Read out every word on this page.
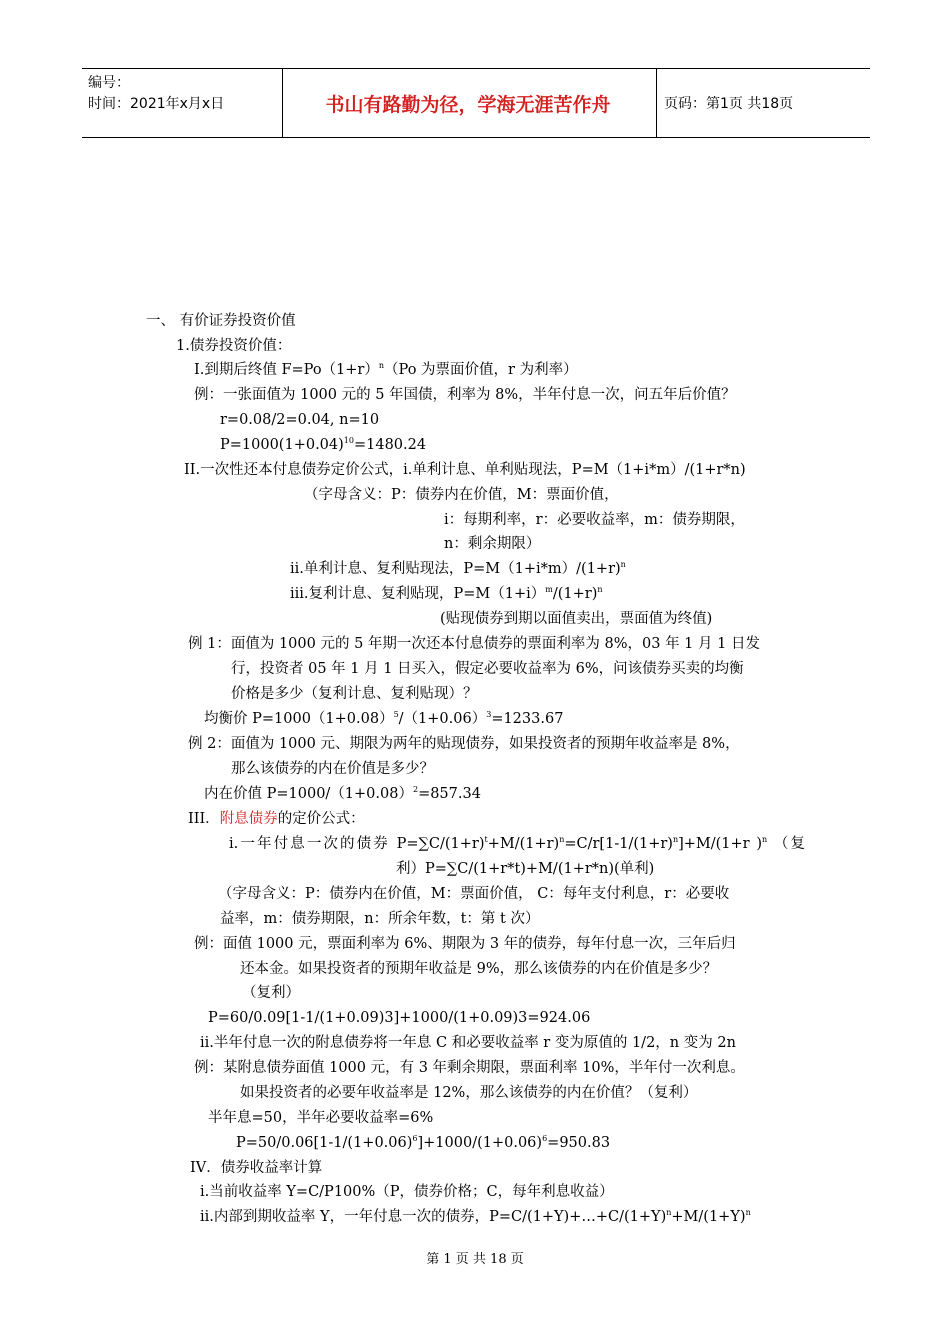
编号：
时间：2021年x月x日	书山有路勤为径，学海无涯苦作舟	页码：第1页 共18页
一、 有价证券投资价值
1.债券投资价值：
I.到期后终值 $F=Po(1+r)^n(Po$ 为票面价值，r 为利率）
例：一张面值为 1000 元的 5 年国债，利率为 8%，半年付息一次，问五年后价值？
r=0.08/2=0.04, n=10
$P=1000(1+0.04)^{10}=1480.24$
II.一次性还本付息债券定价公式，i.单利计息、单利贴现法，P=M（1+i*m）/(1+r*n)
（字母含义：P：债券内在价值，M：票面价值，
i：每期利率，r：必要收益率，m：债券期限，
n：剩余期限）
ii.单利计息、复利贴现法，$P=M(1+i*m)/(1+r)^n$
iii.复利计息、复利贴现，$P=M(1+i)^m/(1+r)^n$
(贴现债券到期以面值卖出，票面值为终值)
例 1：面值为 1000 元的 5 年期一次还本付息债券的票面利率为 8%，03 年 1 月 1 日发
行，投资者 05 年 1 月 1 日买入，假定必要收益率为 6%，问该债券买卖的均衡
价格是多少（复利计息、复利贴现）？
均衡价 $P=1000(1+0.08)^5/(1+0.06)^3=1233.67$
例 2：面值为 1000 元、期限为两年的贴现债券，如果投资者的预期年收益率是 8%，
那么该债券的内在价值是多少？
内在价值 $P=1000/(1+0.08)^2=857.34$
III．附息债券的定价公式：
i.一年付息一次的债券 $P=\sum C/(1+r)^t+M/(1+r)^n=C/r[1-1/(1+r)^n]+M/(1+r$ )$^n$ （复
利）P=∑C/(1+r*t)+M/(1+r*n)(单利)
（字母含义：P：债券内在价值，M：票面价值， C：每年支付利息，r：必要收
益率，m：债券期限，n：所余年数，t：第 t 次）
例：面值 1000 元，票面利率为 6%、期限为 3 年的债券，每年付息一次，三年后归
还本金。如果投资者的预期年收益是 9%，那么该债券的内在价值是多少？
（复利）
P=60/0.09[1-1/(1+0.09)3]+1000/(1+0.09)3=924.06
ii.半年付息一次的附息债券将一年息 C 和必要收益率 r 变为原值的 1/2，n 变为 2n
例：某附息债券面值 1000 元，有 3 年剩余期限，票面利率 10%，半年付一次利息。
如果投资者的必要年收益率是 12%，那么该债券的内在价值？（复利）
半年息=50，半年必要收益率=6%
$P=50/0.06[1-1/(1+0.06)^6]+1000/(1+0.06)^6=950.83$
IV．债券收益率计算
i.当前收益率 Y=C/P100%（P，债券价格；C，每年利息收益）
ii.内部到期收益率 Y，一年付息一次的债券，$P=C/(1+Y)+\dots+C/(1+Y)^n+M/(1+Y)^n$
第 1 页 共 18 页
